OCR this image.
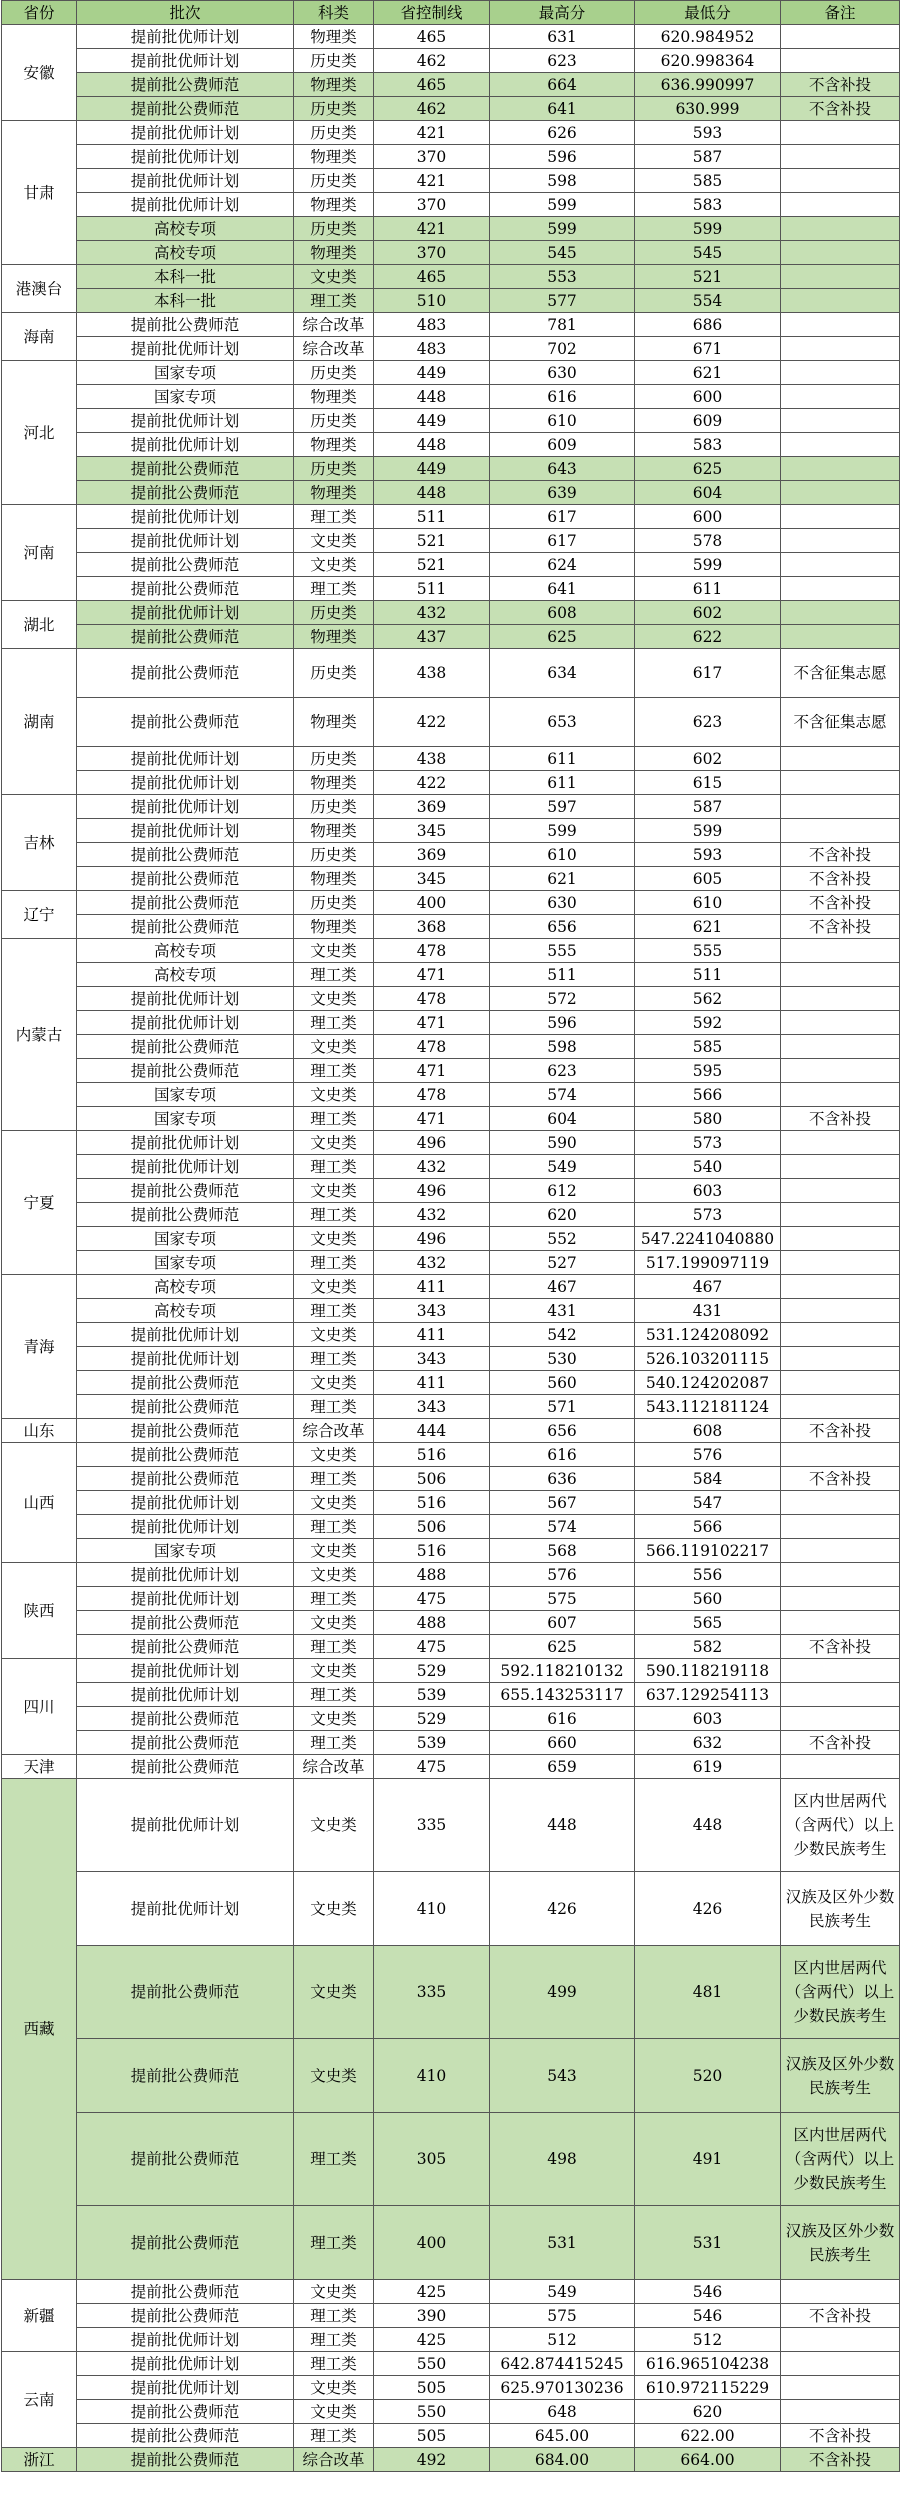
省份	批次	科类	省控制线	最高分	最低分	备注
安徽	提前批优师计划	物理类	465	631	620.984952	
	提前批优师计划	历史类	462	623	620.998364	
	提前批公费师范	物理类	465	664	636.990997	不含补投
	提前批公费师范	历史类	462	641	630.999	不含补投
甘肃	提前批优师计划	历史类	421	626	593	
	提前批优师计划	物理类	370	596	587	
	提前批优师计划	历史类	421	598	585	
	提前批优师计划	物理类	370	599	583	
	高校专项	历史类	421	599	599	
	高校专项	物理类	370	545	545	
港澳台	本科一批	文史类	465	553	521	
	本科一批	理工类	510	577	554	
海南	提前批公费师范	综合改革	483	781	686	
	提前批优师计划	综合改革	483	702	671	
河北	国家专项	历史类	449	630	621	
	国家专项	物理类	448	616	600	
	提前批优师计划	历史类	449	610	609	
	提前批优师计划	物理类	448	609	583	
	提前批公费师范	历史类	449	643	625	
	提前批公费师范	物理类	448	639	604	
河南	提前批优师计划	理工类	511	617	600	
	提前批优师计划	文史类	521	617	578	
	提前批公费师范	文史类	521	624	599	
	提前批公费师范	理工类	511	641	611	
湖北	提前批优师计划	历史类	432	608	602	
	提前批公费师范	物理类	437	625	622	
湖南	提前批公费师范	历史类	438	634	617	不含征集志愿
	提前批公费师范	物理类	422	653	623	不含征集志愿
	提前批优师计划	历史类	438	611	602	
	提前批优师计划	物理类	422	611	615	
吉林	提前批优师计划	历史类	369	597	587	
	提前批优师计划	物理类	345	599	599	
	提前批公费师范	历史类	369	610	593	不含补投
	提前批公费师范	物理类	345	621	605	不含补投
辽宁	提前批公费师范	历史类	400	630	610	不含补投
	提前批公费师范	物理类	368	656	621	不含补投
内蒙古	高校专项	文史类	478	555	555	
	高校专项	理工类	471	511	511	
	提前批优师计划	文史类	478	572	562	
	提前批优师计划	理工类	471	596	592	
	提前批公费师范	文史类	478	598	585	
	提前批公费师范	理工类	471	623	595	
	国家专项	文史类	478	574	566	
	国家专项	理工类	471	604	580	不含补投
宁夏	提前批优师计划	文史类	496	590	573	
	提前批优师计划	理工类	432	549	540	
	提前批公费师范	文史类	496	612	603	
	提前批公费师范	理工类	432	620	573	
	国家专项	文史类	496	552	547.2241040880	
	国家专项	理工类	432	527	517.199097119	
青海	高校专项	文史类	411	467	467	
	高校专项	理工类	343	431	431	
	提前批优师计划	文史类	411	542	531.124208092	
	提前批优师计划	理工类	343	530	526.103201115	
	提前批公费师范	文史类	411	560	540.124202087	
	提前批公费师范	理工类	343	571	543.112181124	
山东	提前批公费师范	综合改革	444	656	608	不含补投
山西	提前批公费师范	文史类	516	616	576	
	提前批公费师范	理工类	506	636	584	不含补投
	提前批优师计划	文史类	516	567	547	
	提前批优师计划	理工类	506	574	566	
	国家专项	文史类	516	568	566.119102217	
陕西	提前批优师计划	文史类	488	576	556	
	提前批优师计划	理工类	475	575	560	
	提前批公费师范	文史类	488	607	565	
	提前批公费师范	理工类	475	625	582	不含补投
四川	提前批优师计划	文史类	529	592.118210132	590.118219118	
	提前批优师计划	理工类	539	655.143253117	637.129254113	
	提前批公费师范	文史类	529	616	603	
	提前批公费师范	理工类	539	660	632	不含补投
天津	提前批公费师范	综合改革	475	659	619	
西藏	提前批优师计划	文史类	335	448	448	区内世居两代（含两代）以上少数民族考生
	提前批优师计划	文史类	410	426	426	汉族及区外少数民族考生
	提前批公费师范	文史类	335	499	481	区内世居两代（含两代）以上少数民族考生
	提前批公费师范	文史类	410	543	520	汉族及区外少数民族考生
	提前批公费师范	理工类	305	498	491	区内世居两代（含两代）以上少数民族考生
	提前批公费师范	理工类	400	531	531	汉族及区外少数民族考生
新疆	提前批公费师范	文史类	425	549	546	
	提前批公费师范	理工类	390	575	546	不含补投
	提前批优师计划	理工类	425	512	512	
云南	提前批优师计划	理工类	550	642.874415245	616.965104238	
	提前批优师计划	文史类	505	625.970130236	610.972115229	
	提前批公费师范	文史类	550	648	620	
	提前批公费师范	理工类	505	645.00	622.00	不含补投
浙江	提前批公费师范	综合改革	492	684.00	664.00	不含补投
